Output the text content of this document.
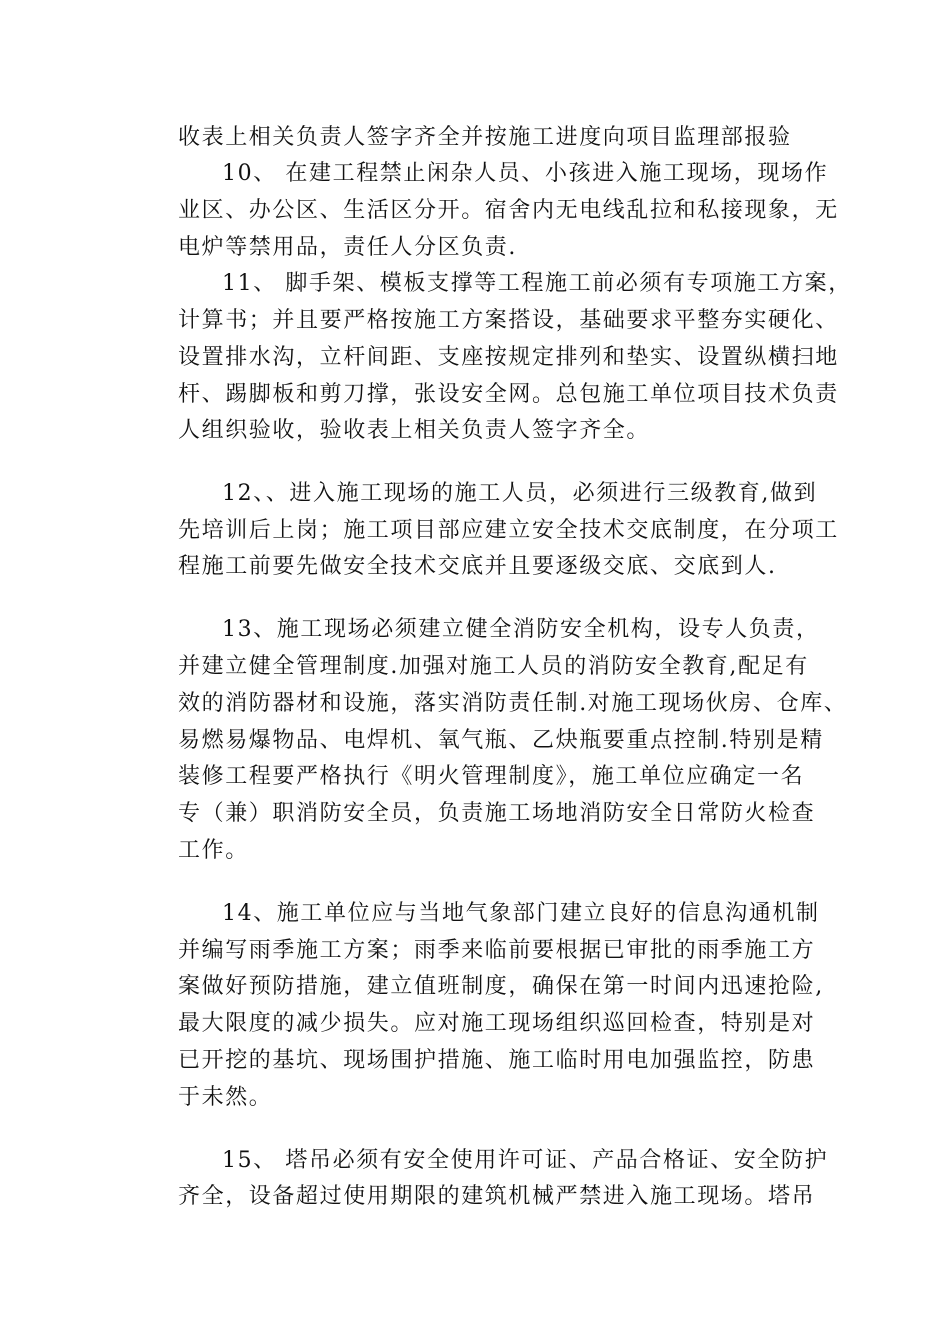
收表上相关负责人签字齐全并按施工进度向项目监理部报验
10、 在建工程禁止闲杂人员、小孩进入施工现场，现场作
业区、办公区、生活区分开。宿舍内无电线乱拉和私接现象，无
电炉等禁用品，责任人分区负责.
11、 脚手架、模板支撑等工程施工前必须有专项施工方案，
计算书；并且要严格按施工方案搭设，基础要求平整夯实硬化、
设置排水沟，立杆间距、支座按规定排列和垫实、设置纵横扫地
杆、踢脚板和剪刀撑，张设安全网。总包施工单位项目技术负责
人组织验收，验收表上相关负责人签字齐全。
12、、进入施工现场的施工人员，必须进行三级教育,做到
先培训后上岗；施工项目部应建立安全技术交底制度，在分项工
程施工前要先做安全技术交底并且要逐级交底、交底到人.
13、施工现场必须建立健全消防安全机构，设专人负责，
并建立健全管理制度.加强对施工人员的消防安全教育,配足有
效的消防器材和设施，落实消防责任制.对施工现场伙房、仓库、
易燃易爆物品、电焊机、氧气瓶、乙炔瓶要重点控制.特别是精
装修工程要严格执行《明火管理制度》，施工单位应确定一名
专（兼）职消防安全员，负责施工场地消防安全日常防火检查
工作。
14、施工单位应与当地气象部门建立良好的信息沟通机制
并编写雨季施工方案；雨季来临前要根据已审批的雨季施工方
案做好预防措施，建立值班制度，确保在第一时间内迅速抢险,
最大限度的减少损失。应对施工现场组织巡回检查，特别是对
已开挖的基坑、现场围护措施、施工临时用电加强监控，防患
于未然。
15、 塔吊必须有安全使用许可证、产品合格证、安全防护
齐全，设备超过使用期限的建筑机械严禁进入施工现场。塔吊
